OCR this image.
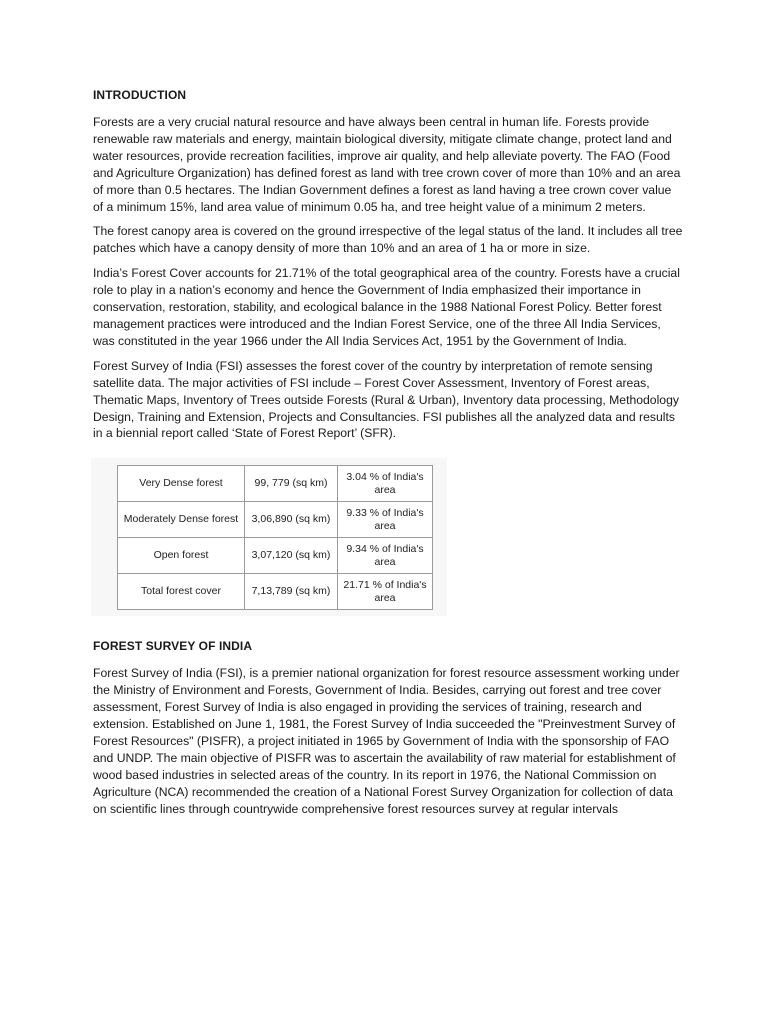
INTRODUCTION

Forests are a very crucial natural resource and have always been central in human life. Forests provide renewable raw materials and energy, maintain biological diversity, mitigate climate change, protect land and water resources, provide recreation facilities, improve air quality, and help alleviate poverty. The FAO (Food and Agriculture Organization) has defined forest as land with tree crown cover of more than 10% and an area of more than 0.5 hectares. The Indian Government defines a forest as land having a tree crown cover value of a minimum 15%, land area value of minimum 0.05 ha, and tree height value of a minimum 2 meters.

The forest canopy area is covered on the ground irrespective of the legal status of the land. It includes all tree patches which have a canopy density of more than 10% and an area of 1 ha or more in size.

India’s Forest Cover accounts for 21.71% of the total geographical area of the country. Forests have a crucial role to play in a nation’s economy and hence the Government of India emphasized their importance in conservation, restoration, stability, and ecological balance in the 1988 National Forest Policy. Better forest management practices were introduced and the Indian Forest Service, one of the three All India Services, was constituted in the year 1966 under the All India Services Act, 1951 by the Government of India.

Forest Survey of India (FSI) assesses the forest cover of the country by interpretation of remote sensing satellite data. The major activities of FSI include – Forest Cover Assessment, Inventory of Forest areas, Thematic Maps, Inventory of Trees outside Forests (Rural & Urban), Inventory data processing, Methodology Design, Training and Extension, Projects and Consultancies. FSI publishes all the analyzed data and results in a biennial report called ‘State of Forest Report’ (SFR).

Very Dense forest	99, 779 (sq km)	3.04 % of India's area
Moderately Dense forest	3,06,890 (sq km)	9.33 % of India's area
Open forest	3,07,120 (sq km)	9.34 % of India's area
Total forest cover	7,13,789 (sq km)	21.71 % of India's area
FOREST SURVEY OF INDIA

Forest Survey of India (FSI), is a premier national organization for forest resource assessment working under the Ministry of Environment and Forests, Government of India. Besides, carrying out forest and tree cover assessment, Forest Survey of India is also engaged in providing the services of training, research and extension. Established on June 1, 1981, the Forest Survey of India succeeded the "Preinvestment Survey of Forest Resources" (PISFR), a project initiated in 1965 by Government of India with the sponsorship of FAO and UNDP. The main objective of PISFR was to ascertain the availability of raw material for establishment of wood based industries in selected areas of the country. In its report in 1976, the National Commission on Agriculture (NCA) recommended the creation of a National Forest Survey Organization for collection of data on scientific lines through countrywide comprehensive forest resources survey at regular intervals
